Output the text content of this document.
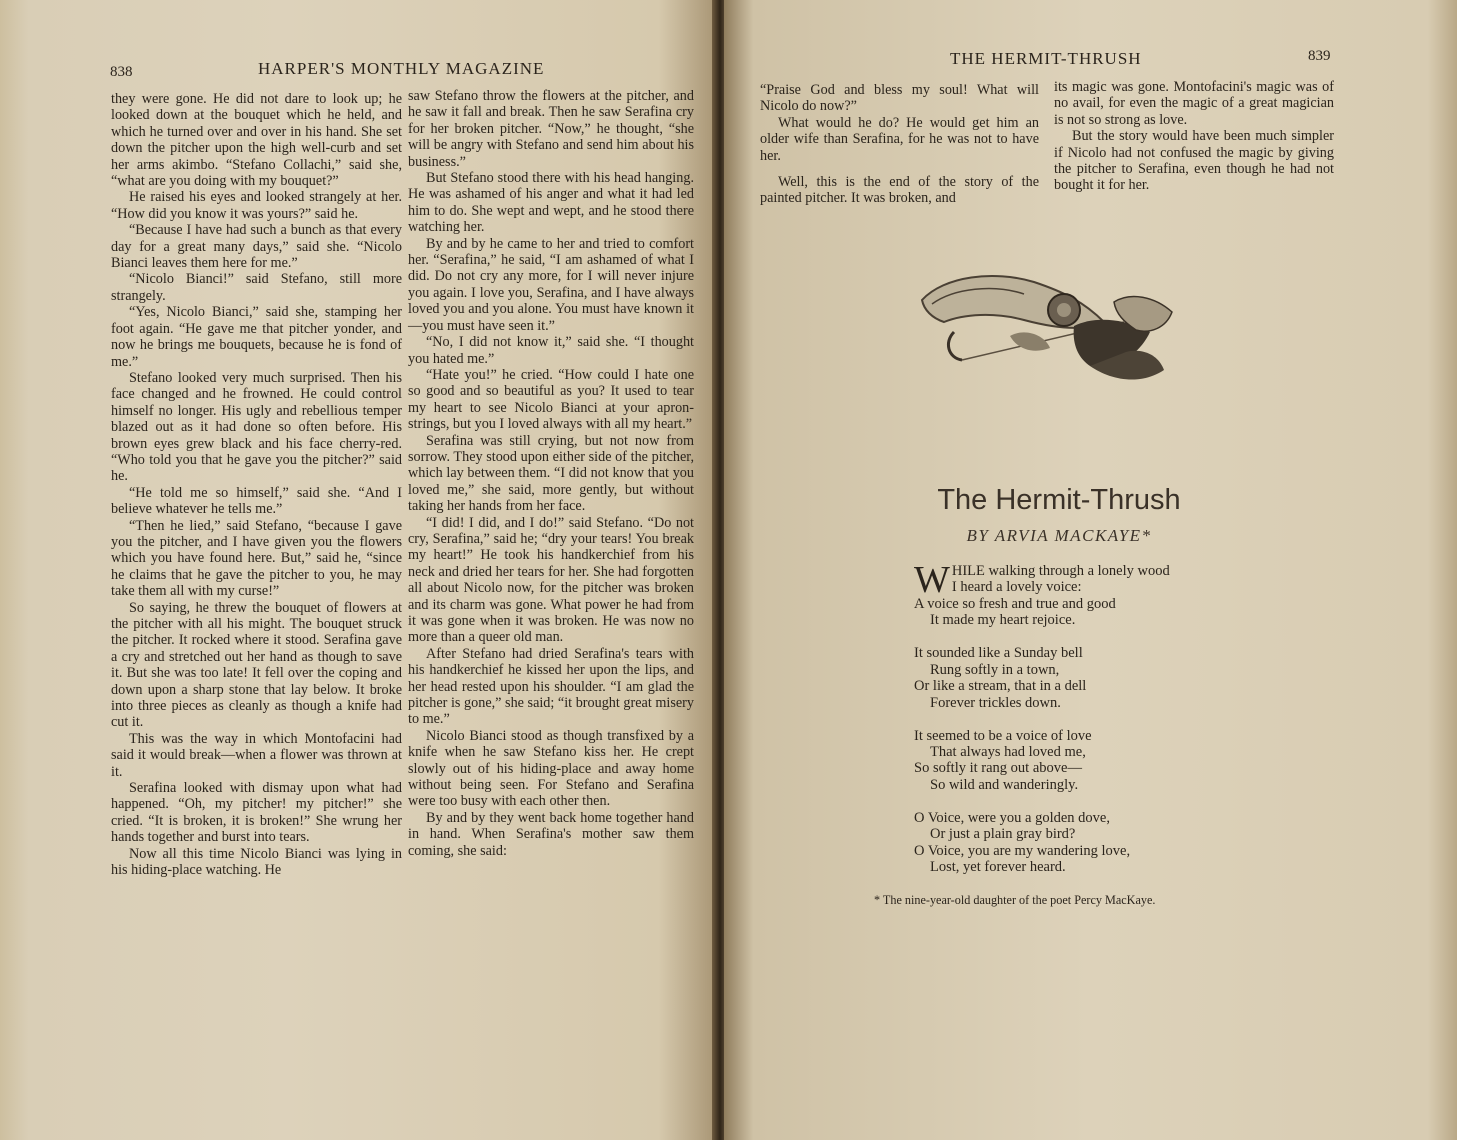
838	HARPER'S MONTHLY MAGAZINE

they were gone. He did not dare to look up; he looked down at the bouquet which he held, and which he turned over and over in his hand. She set down the pitcher upon the high well-curb and set her arms akimbo. “Stefano Collachi,” said she, “what are you doing with my bouquet?”

He raised his eyes and looked strangely at her. “How did you know it was yours?” said he.

“Because I have had such a bunch as that every day for a great many days,” said she. “Nicolo Bianci leaves them here for me.”

“Nicolo Bianci!” said Stefano, still more strangely.

“Yes, Nicolo Bianci,” said she, stamping her foot again. “He gave me that pitcher yonder, and now he brings me bouquets, because he is fond of me.”

Stefano looked very much surprised. Then his face changed and he frowned. He could control himself no longer. His ugly and rebellious temper blazed out as it had done so often before. His brown eyes grew black and his face cherry-red. “Who told you that he gave you the pitcher?” said he.

“He told me so himself,” said she. “And I believe whatever he tells me.”

“Then he lied,” said Stefano, “because I gave you the pitcher, and I have given you the flowers which you have found here. But,” said he, “since he claims that he gave the pitcher to you, he may take them all with my curse!”

So saying, he threw the bouquet of flowers at the pitcher with all his might. The bouquet struck the pitcher. It rocked where it stood. Serafina gave a cry and stretched out her hand as though to save it. But she was too late! It fell over the coping and down upon a sharp stone that lay below. It broke into three pieces as cleanly as though a knife had cut it.

This was the way in which Montofacini had said it would break—when a flower was thrown at it.

Serafina looked with dismay upon what had happened. “Oh, my pitcher! my pitcher!” she cried. “It is broken, it is broken!” She wrung her hands together and burst into tears.

Now all this time Nicolo Bianci was lying in his hiding-place watching. He

saw Stefano throw the flowers at the pitcher, and he saw it fall and break. Then he saw Serafina cry for her broken pitcher. “Now,” he thought, “she will be angry with Stefano and send him about his business.”

But Stefano stood there with his head hanging. He was ashamed of his anger and what it had led him to do. She wept and wept, and he stood there watching her.

By and by he came to her and tried to comfort her. “Serafina,” he said, “I am ashamed of what I did. Do not cry any more, for I will never injure you again. I love you, Serafina, and I have always loved you and you alone. You must have known it—you must have seen it.”

“No, I did not know it,” said she. “I thought you hated me.”

“Hate you!” he cried. “How could I hate one so good and so beautiful as you? It used to tear my heart to see Nicolo Bianci at your apron-strings, but you I loved always with all my heart.”

Serafina was still crying, but not now from sorrow. They stood upon either side of the pitcher, which lay between them. “I did not know that you loved me,” she said, more gently, but without taking her hands from her face.

“I did! I did, and I do!” said Stefano. “Do not cry, Serafina,” said he; “dry your tears! You break my heart!” He took his handkerchief from his neck and dried her tears for her. She had forgotten all about Nicolo now, for the pitcher was broken and its charm was gone. What power he had from it was gone when it was broken. He was now no more than a queer old man.

After Stefano had dried Serafina's tears with his handkerchief he kissed her upon the lips, and her head rested upon his shoulder. “I am glad the pitcher is gone,” she said; “it brought great misery to me.”

Nicolo Bianci stood as though transfixed by a knife when he saw Stefano kiss her. He crept slowly out of his hiding-place and away home without being seen. For Stefano and Serafina were too busy with each other then.

By and by they went back home together hand in hand. When Serafina's mother saw them coming, she said:

THE HERMIT-THRUSH	839

“Praise God and bless my soul! What will Nicolo do now?”

What would he do? He would get him an older wife than Serafina, for he was not to have her.

Well, this is the end of the story of the painted pitcher. It was broken, and

its magic was gone. Montofacini's magic was of no avail, for even the magic of a great magician is not so strong as love.

But the story would have been much simpler if Nicolo had not confused the magic by giving the pitcher to Serafina, even though he had not bought it for her.

The Hermit-Thrush
BY ARVIA MACKAYE*
W HILE walking through a lonely wood
I heard a lovely voice:
A voice so fresh and true and good
It made my heart rejoice.
It sounded like a Sunday bell
Rung softly in a town,
Or like a stream, that in a dell
Forever trickles down.
It seemed to be a voice of love
That always had loved me,
So softly it rang out above—
So wild and wanderingly.
O Voice, were you a golden dove,
Or just a plain gray bird?
O Voice, you are my wandering love,
Lost, yet forever heard.
* The nine-year-old daughter of the poet Percy MacKaye.
